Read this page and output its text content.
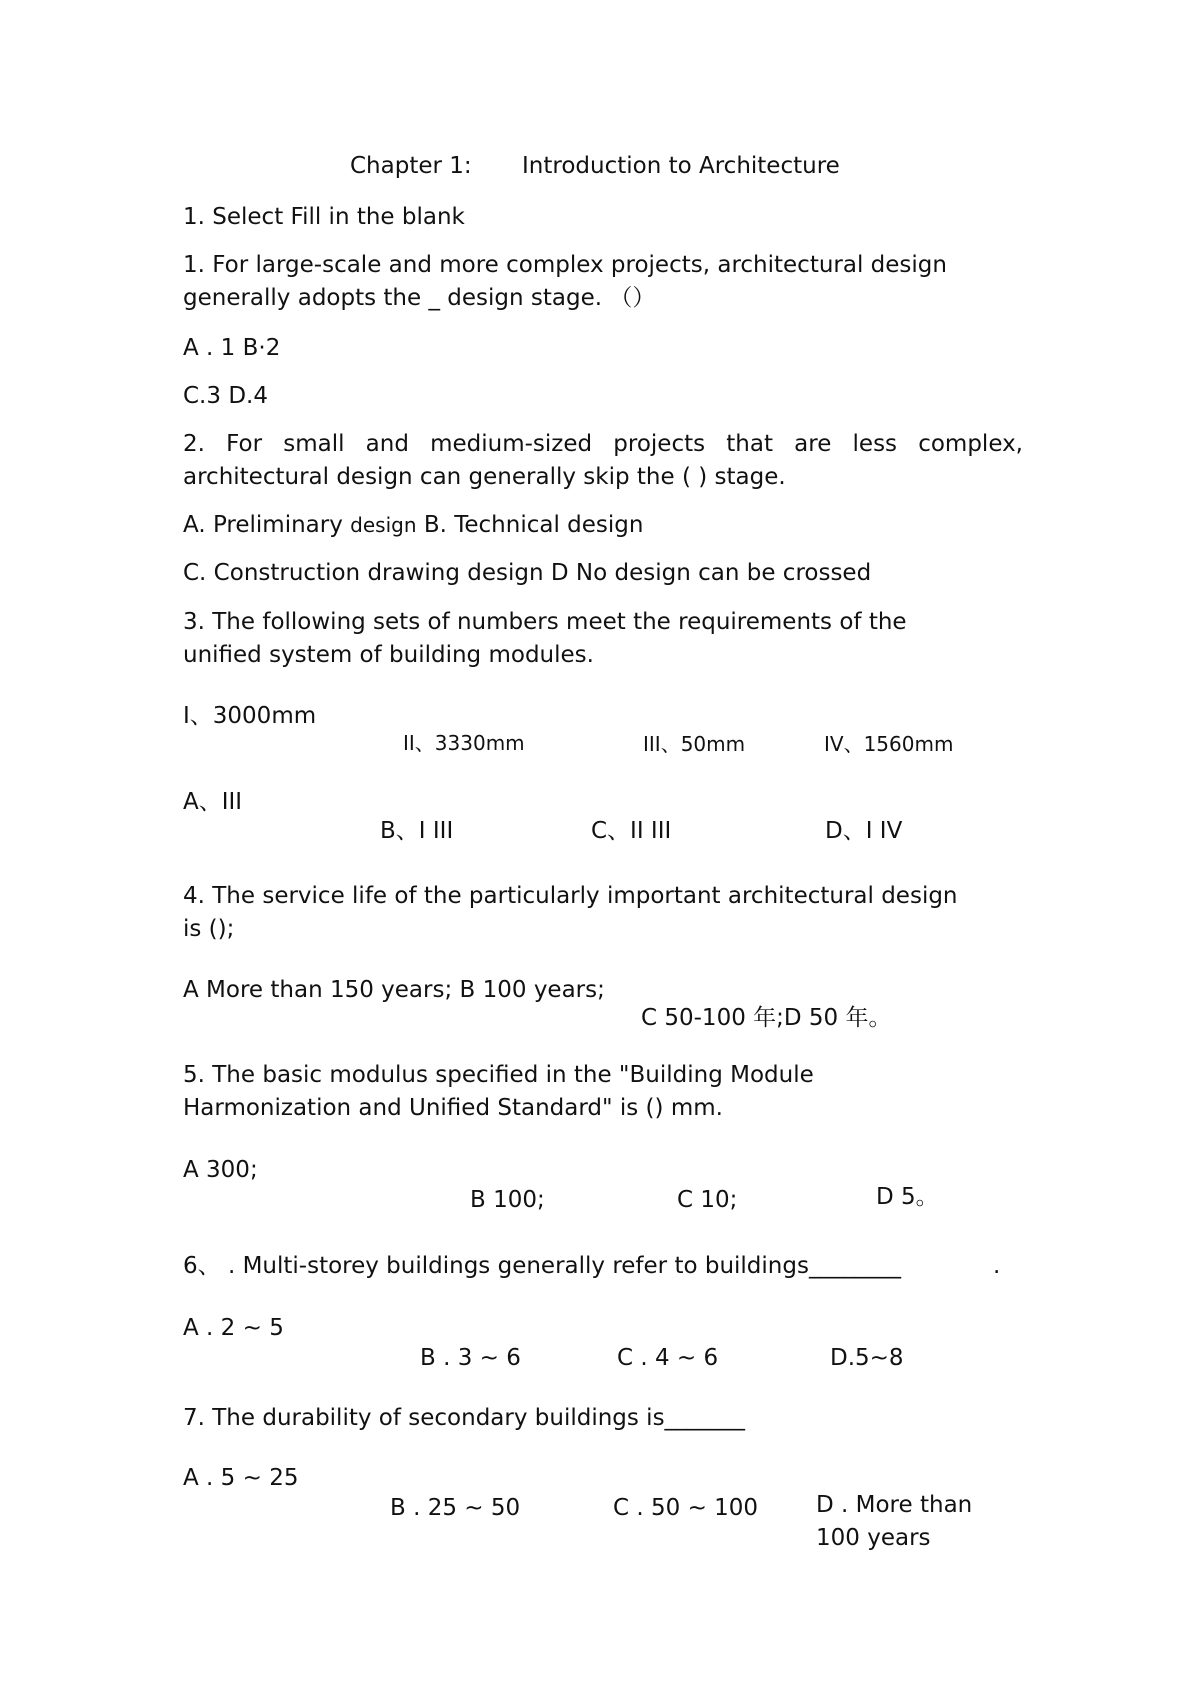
Chapter 1: Introduction to Architecture
1. Select Fill in the blank
1. For large-scale and more complex projects, architectural design
generally adopts the _ design stage. （）
A . 1 B·2
C.3 D.4
2. For small and medium-sized projects that are less complex,
architectural design can generally skip the ( ) stage.
A. Preliminary design B. Technical design
C. Construction drawing design D No design can be crossed
3. The following sets of numbers meet the requirements of the
unified system of building modules.
I、3000mm
II、3330mm	III、50mm	IV、1560mm
A、III
B、I III	C、II III	D、I IV
4. The service life of the particularly important architectural design
is ();
A More than 150 years; B 100 years;
C 50-100 年;D 50 年。
5. The basic modulus specified in the "Building Module
Harmonization and Unified Standard" is () mm.
A 300;
B 100;	C 10;	D 5。
6、 . Multi-storey buildings generally refer to buildings________	.
A . 2 ~ 5
B . 3 ~ 6	C . 4 ~ 6	D.5~8
7. The durability of secondary buildings is_______
A . 5 ~ 25
B . 25 ~ 50	C . 50 ~ 100	D . More than
100 years
